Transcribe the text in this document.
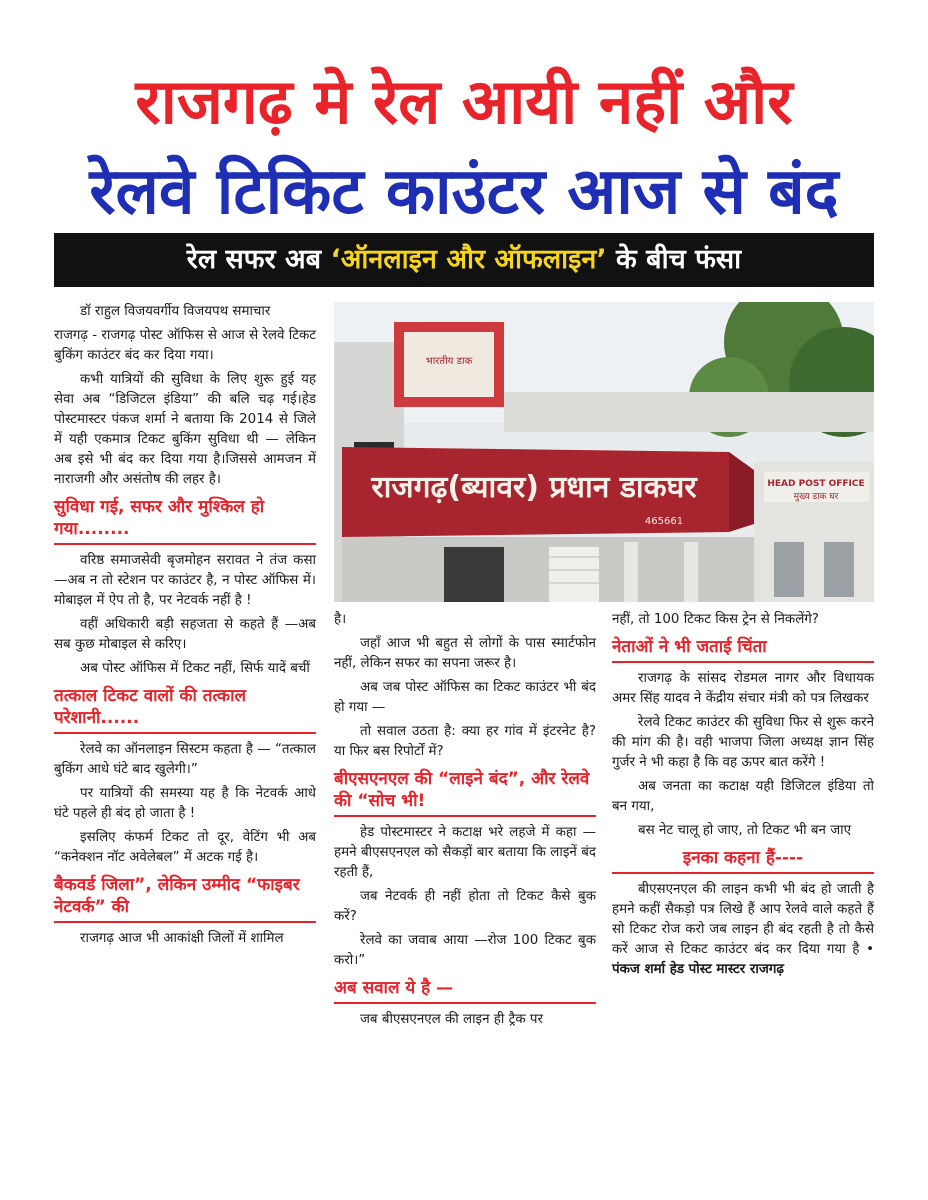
राजगढ़ मे रेल आयी नहीं और
रेलवे टिकिट काउंटर आज से बंद
रेल सफर अब ‘ऑनलाइन और ऑफलाइन’ के बीच फंसा

डॉ राहुल विजयवर्गीय विजयपथ समाचार

राजगढ़ - राजगढ़ पोस्ट ऑफिस से आज से रेलवे टिकट बुकिंग काउंटर बंद कर दिया गया।

कभी यात्रियों की सुविधा के लिए शुरू हुई यह सेवा अब “डिजिटल इंडिया” की बलि चढ़ गई।हेड पोस्टमास्टर पंकज शर्मा ने बताया कि 2014 से जिले में यही एकमात्र टिकट बुकिंग सुविधा थी — लेकिन अब इसे भी बंद कर दिया गया है।जिससे आमजन में नाराजगी और असंतोष की लहर है।

सुविधा गई, सफर और मुश्किल हो गया........

वरिष्ठ समाजसेवी बृजमोहन सरावत ने तंज कसा —अब न तो स्टेशन पर काउंटर है, न पोस्ट ऑफिस में। मोबाइल में ऐप तो है, पर नेटवर्क नहीं है !

वहीं अधिकारी बड़ी सहजता से कहते हैं —अब सब कुछ मोबाइल से करिए।

अब पोस्ट ऑफिस में टिकट नहीं, सिर्फ यादें बचीं

तत्काल टिकट वालों की तत्काल परेशानी......

रेलवे का ऑनलाइन सिस्टम कहता है — “तत्काल बुकिंग आधे घंटे बाद खुलेगी।”

पर यात्रियों की समस्या यह है कि नेटवर्क आधे घंटे पहले ही बंद हो जाता है !

इसलिए कंफर्म टिकट तो दूर, वेटिंग भी अब “कनेक्शन नॉट अवेलेबल” में अटक गई है।

बैकवर्ड जिला”, लेकिन उम्मीद “फाइबर नेटवर्क” की

राजगढ़ आज भी आकांक्षी जिलों में शामिल

भारतीय डाक
राजगढ़(ब्यावर) प्रधान डाकघर
465661
HEAD POST OFFICE
मुख्य डाक घर

है।

जहाँ आज भी बहुत से लोगों के पास स्मार्टफोन नहीं, लेकिन सफर का सपना जरूर है।

अब जब पोस्ट ऑफिस का टिकट काउंटर भी बंद हो गया —

तो सवाल उठता है: क्या हर गांव में इंटरनेट है? या फिर बस रिपोर्टों में?

बीएसएनएल की “लाइने बंद”, और रेलवे की “सोच भी!

हेड पोस्टमास्टर ने कटाक्ष भरे लहजे में कहा —हमने बीएसएनएल को सैकड़ों बार बताया कि लाइनें बंद रहती हैं,

जब नेटवर्क ही नहीं होता तो टिकट कैसे बुक करें?

रेलवे का जवाब आया —रोज 100 टिकट बुक करो।”

अब सवाल ये है —

जब बीएसएनएल की लाइन ही ट्रैक पर

नहीं, तो 100 टिकट किस ट्रेन से निकलेंगे?

नेताओं ने भी जताई चिंता

राजगढ़ के सांसद रोडमल नागर और विधायक अमर सिंह यादव ने केंद्रीय संचार मंत्री को पत्र लिखकर

रेलवे टिकट काउंटर की सुविधा फिर से शुरू करने की मांग की है। वही भाजपा जिला अध्यक्ष ज्ञान सिंह गुर्जर ने भी कहा है कि वह ऊपर बात करेंगे !

अब जनता का कटाक्ष यही डिजिटल इंडिया तो बन गया,

बस नेट चालू हो जाए, तो टिकट भी बन जाए

इनका कहना हैं----

बीएसएनएल की लाइन कभी भी बंद हो जाती है हमने कहीं सैकड़ो पत्र लिखे हैं आप रेलवे वाले कहते हैं सो टिकट रोज करो जब लाइन ही बंद रहती है तो कैसे करें आज से टिकट काउंटर बंद कर दिया गया है • पंकज शर्मा हेड पोस्ट मास्टर राजगढ़
